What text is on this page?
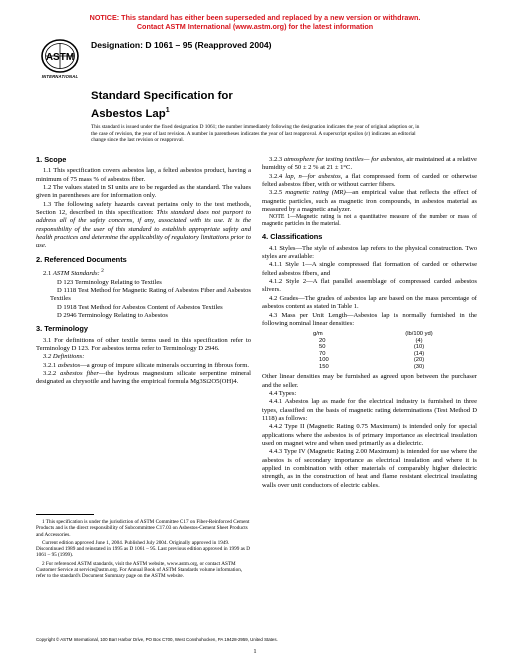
NOTICE: This standard has either been superseded and replaced by a new version or withdrawn.
Contact ASTM International (www.astm.org) for the latest information
ASTM
INTERNATIONAL
Designation: D 1061 – 95 (Reapproved 2004)
Standard Specification for
Asbestos Lap$^1$
This standard is issued under the fixed designation D 1061; the number immediately following the designation indicates the year of original adoption or, in the case of revision, the year of last revision. A number in parentheses indicates the year of last reapproval. A superscript epsilon (ε) indicates an editorial change since the last revision or reapproval.
1. Scope

1.1 This specification covers asbestos lap, a felted asbestos product, having a minimum of 75 mass % of asbestos fiber.

1.2 The values stated in SI units are to be regarded as the standard. The values given in parentheses are for information only.

1.3 The following safety hazards caveat pertains only to the test methods, Section 12, described in this specification: This standard does not purport to address all of the safety concerns, if any, associated with its use. It is the responsibility of the user of this standard to establish appropriate safety and health practices and determine the applicability of regulatory limitations prior to use.

2. Referenced Documents

2.1 ASTM Standards: $^2$

D 123 Terminology Relating to Textiles

D 1118 Test Method for Magnetic Rating of Asbestos Fiber and Asbestos Textiles

D 1918 Test Method for Asbestos Content of Asbestos Textiles

D 2946 Terminology Relating to Asbestos

3. Terminology

3.1 For definitions of other textile terms used in this specification refer to Terminology D 123. For asbestos terms refer to Terminology D 2946.

3.2 Definitions:

3.2.1 asbestos—a group of impure silicate minerals occurring in fibrous form.

3.2.2 asbestos fiber—the hydrous magnesium silicate serpentine mineral designated as chrysotile and having the empirical formula Mg3Si2O5(OH)4.

3.2.3 atmosphere for testing textiles— for asbestos, air maintained at a relative humidity of 50 ± 2 % at 21 ± 1°C.

3.2.4 lap, n—for asbestos, a flat compressed form of carded or otherwise felted asbestos fiber, with or without carrier fibers.

3.2.5 magnetic rating (MR)—an empirical value that reflects the effect of magnetic particles, such as magnetic iron compounds, in asbestos material as measured by a magnetic analyzer.

NOTE 1—Magnetic rating is not a quantitative measure of the number or mass of magnetic particles in the material.

4. Classifications

4.1 Styles—The style of asbestos lap refers to the physical construction. Two styles are available:

4.1.1 Style 1—A single compressed flat formation of carded or otherwise felted asbestos fibers, and

4.1.2 Style 2—A flat parallel assemblage of compressed carded asbestos slivers.

4.2 Grades—The grades of asbestos lap are based on the mass percentage of asbestos content as stated in Table 1.

4.3 Mass per Unit Length—Asbestos lap is normally furnished in the following nominal linear densities:

g/m	(lb/100 yd)
20	(4)
50	(10)
70	(14)
100	(20)
150	(30)

Other linear densities may be furnished as agreed upon between the purchaser and the seller.

4.4 Types:

4.4.1 Asbestos lap as made for the electrical industry is furnished in three types, classified on the basis of magnetic rating determinations (Test Method D 1118) as follows:

4.4.2 Type II (Magnetic Rating 0.75 Maximum) is intended only for special applications where the asbestos is of primary importance as electrical insulation used on magnet wire and when used primarily as a dielectric.

4.4.3 Type IV (Magnetic Rating 2.00 Maximum) is intended for use where the asbestos is of secondary importance as electrical insulation and where it is applied in combination with other materials of comparably higher dielectric strength, as in the construction of heat and flame resistant electrical insulating walls over unit conductors of electric cables.

1 This specification is under the jurisdiction of ASTM Committee C17 on Fiber-Reinforced Cement Products and is the direct responsibility of Subcommittee C17.03 on Asbestos-Cement Sheet Products and Accessories.

Current edition approved June 1, 2004. Published July 2004. Originally approved in 1949. Discontinued 1989 and reinstated in 1995 as D 1061 – 95. Last previous edition approved in 1999 as D 1061 – 95 (1999).

2 For referenced ASTM standards, visit the ASTM website, www.astm.org, or contact ASTM Customer Service at service@astm.org. For Annual Book of ASTM Standards volume information, refer to the standard's Document Summary page on the ASTM website.

Copyright © ASTM International, 100 Barr Harbor Drive, PO Box C700, West Conshohocken, PA 19428-2959, United States.
1
